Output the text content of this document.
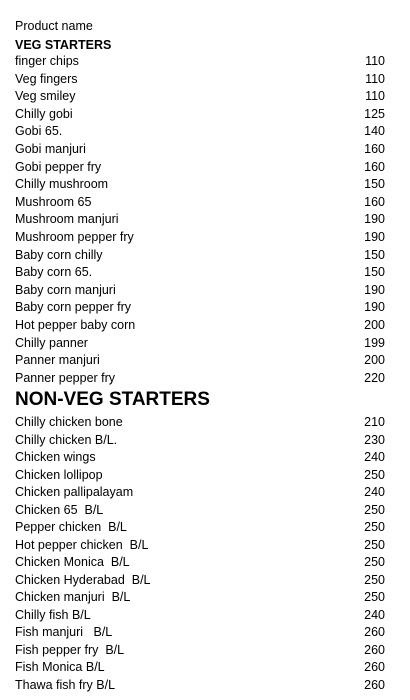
Product name
VEG STARTERS
finger chips	110
Veg fingers	110
Veg smiley	110
Chilly gobi	125
Gobi 65.	140
Gobi manjuri	160
Gobi pepper fry	160
Chilly mushroom	150
Mushroom 65	160
Mushroom manjuri	190
Mushroom pepper fry	190
Baby corn chilly	150
Baby corn 65.	150
Baby corn manjuri	190
Baby corn pepper fry	190
Hot pepper baby corn	200
Chilly panner	199
Panner manjuri	200
Panner pepper fry	220
NON-VEG STARTERS
Chilly chicken bone	210
Chilly chicken B/L.	230
Chicken wings	240
Chicken lollipop	250
Chicken pallipalayam	240
Chicken 65  B/L	250
Pepper chicken  B/L	250
Hot pepper chicken  B/L	250
Chicken Monica  B/L	250
Chicken Hyderabad  B/L	250
Chicken manjuri  B/L	250
Chilly fish B/L	240
Fish manjuri   B/L	260
Fish pepper fry  B/L	260
Fish Monica B/L	260
Thawa fish fry B/L	260
